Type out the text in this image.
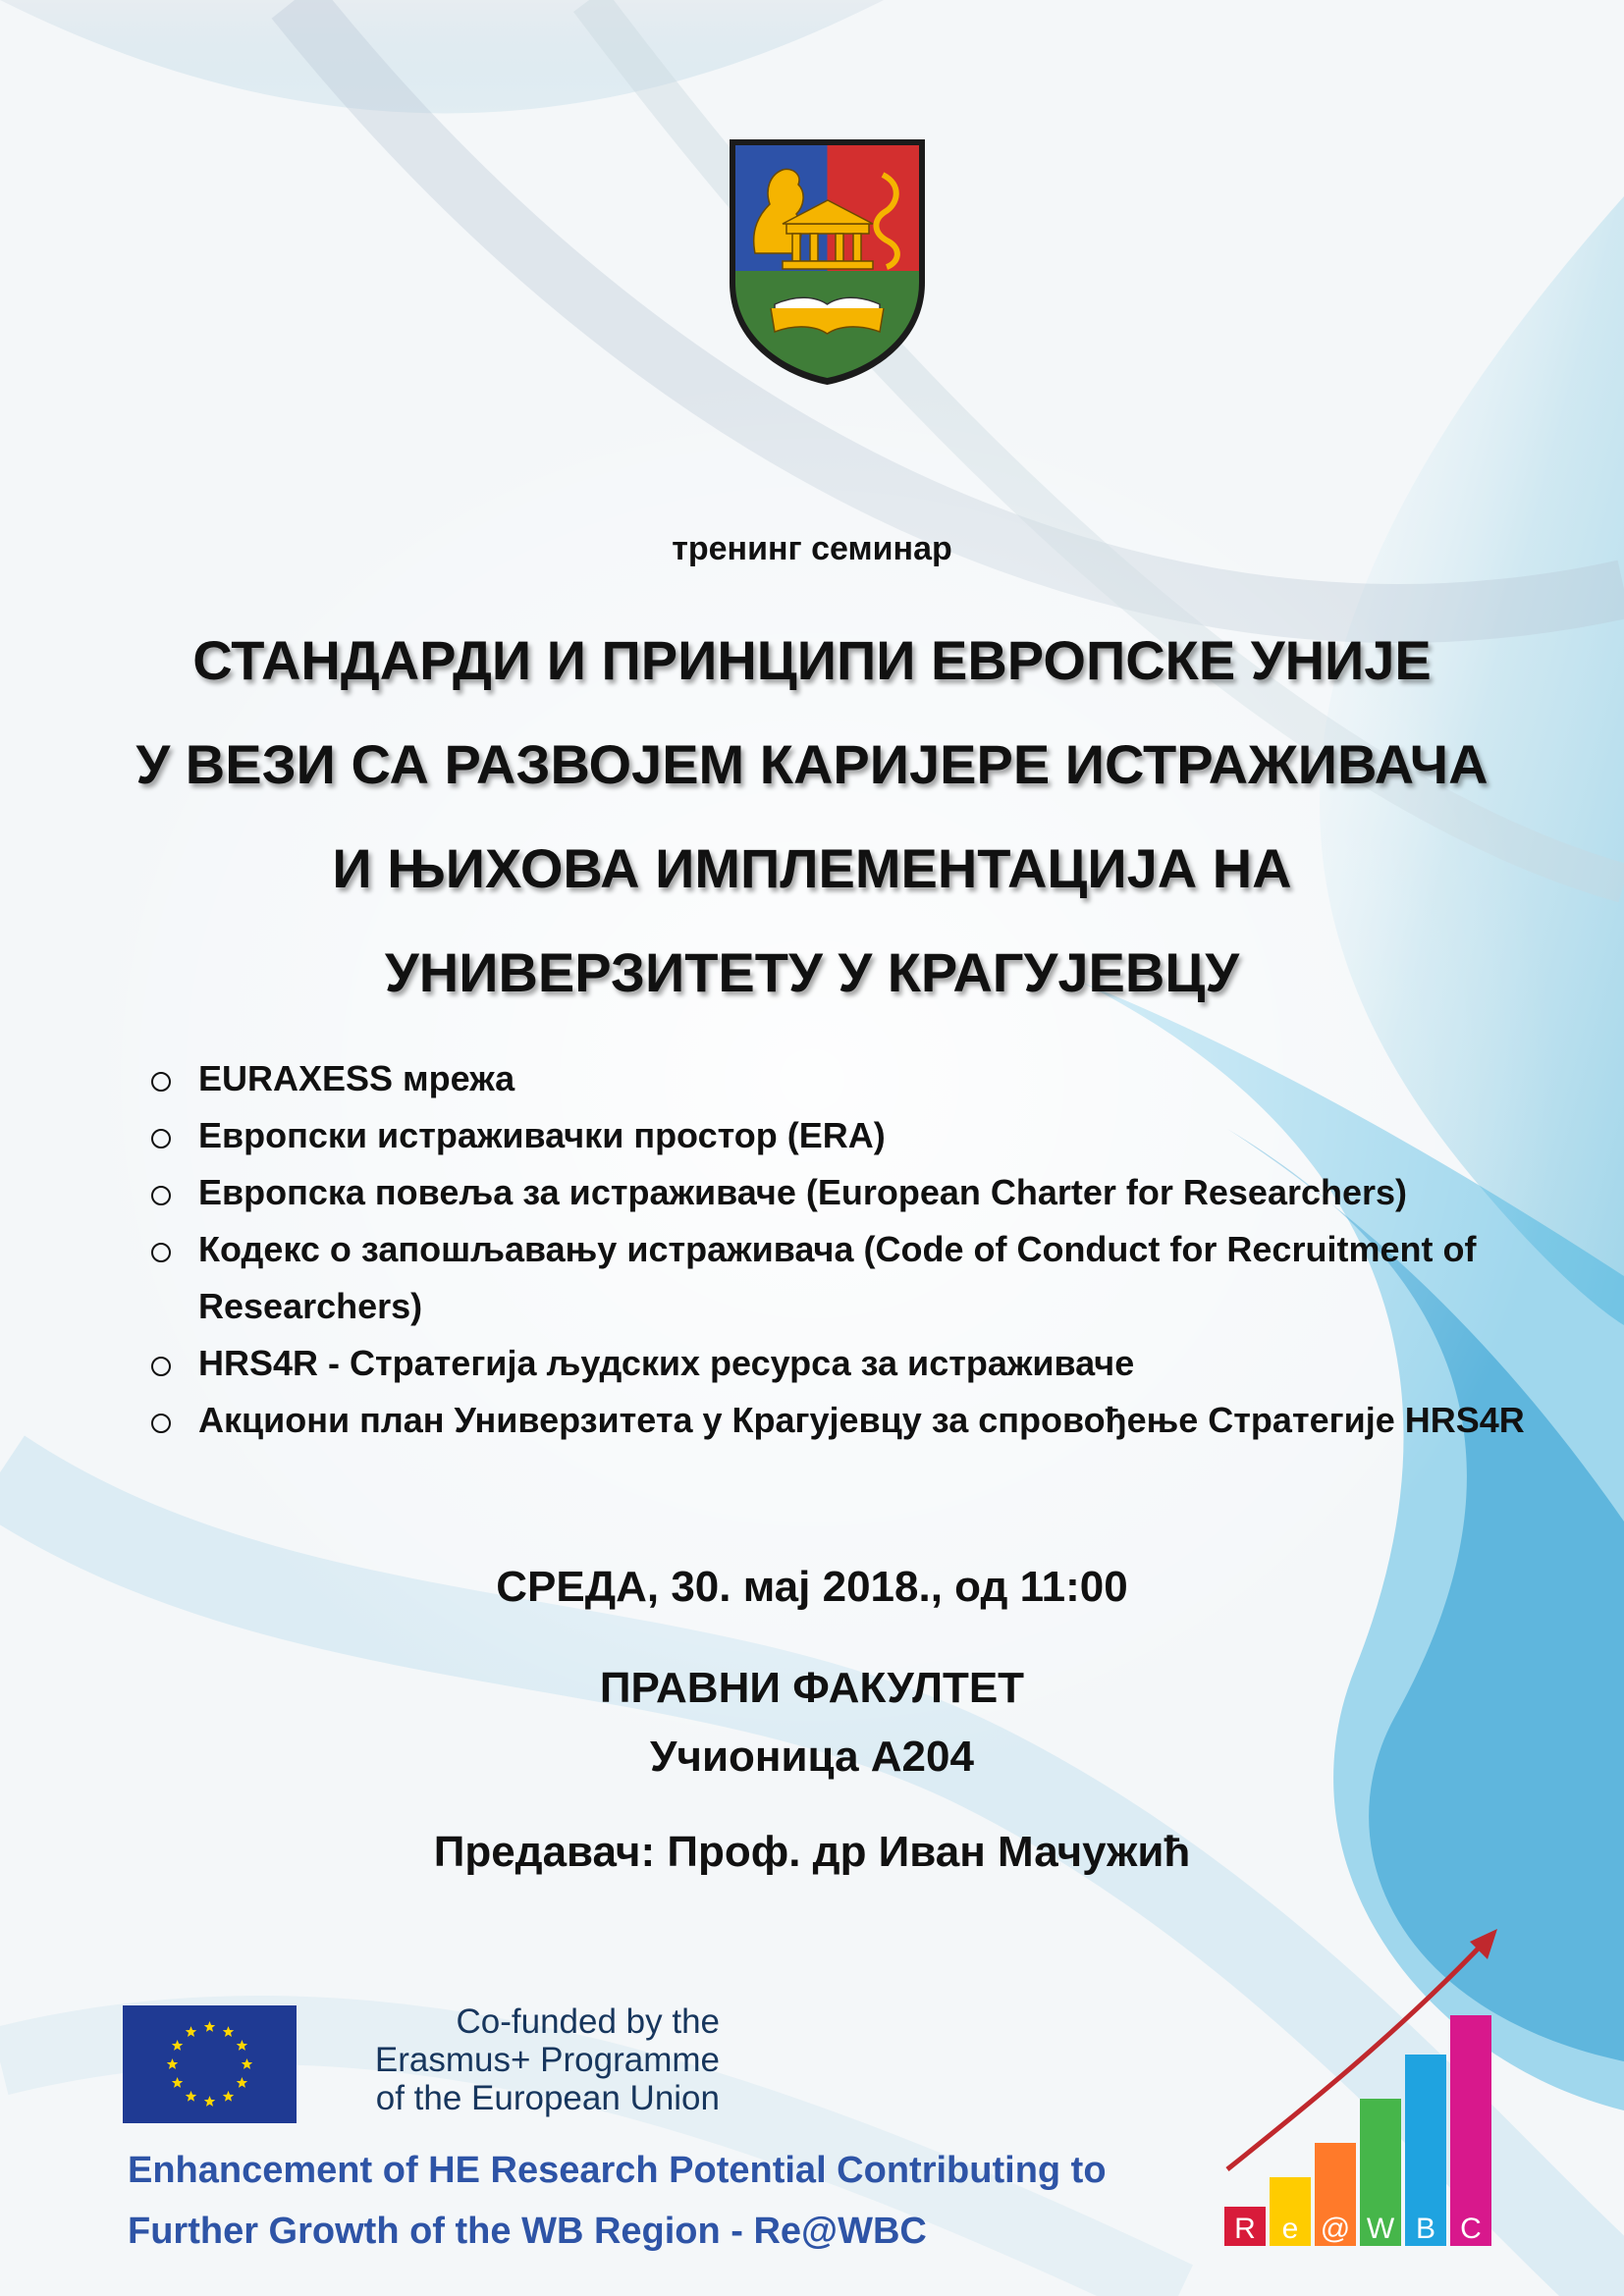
тренинг семинар
СТАНДАРДИ И ПРИНЦИПИ ЕВРОПСКЕ УНИЈЕ
У ВЕЗИ СА РАЗВОЈЕМ КАРИЈЕРЕ ИСТРАЖИВАЧА
И ЊИХОВА ИМПЛЕМЕНТАЦИЈА НА
УНИВЕРЗИТЕТУ У КРАГУЈЕВЦУ
EURAXESS мрежа
Европски истраживачки простор (ERA)
Европска повеља за истраживаче (European Charter for Researchers)
Кодекс о запошљавању истраживача (Code of Conduct for Recruitment of Researchers)
HRS4R - Стратегија људских ресурса за истраживаче
Акциони план Универзитета у Крагујевцу за спровођење Стратегије HRS4R
СРЕДА, 30. мај 2018., од 11:00
ПРАВНИ ФАКУЛТЕТ
Учионица А204
Предавач: Проф. др Иван Мачужић
Co-funded by the
Erasmus+ Programme
of the European Union
Enhancement of HE Research Potential Contributing to
Further Growth of the WB Region - Re@WBC	R e @ W B C
